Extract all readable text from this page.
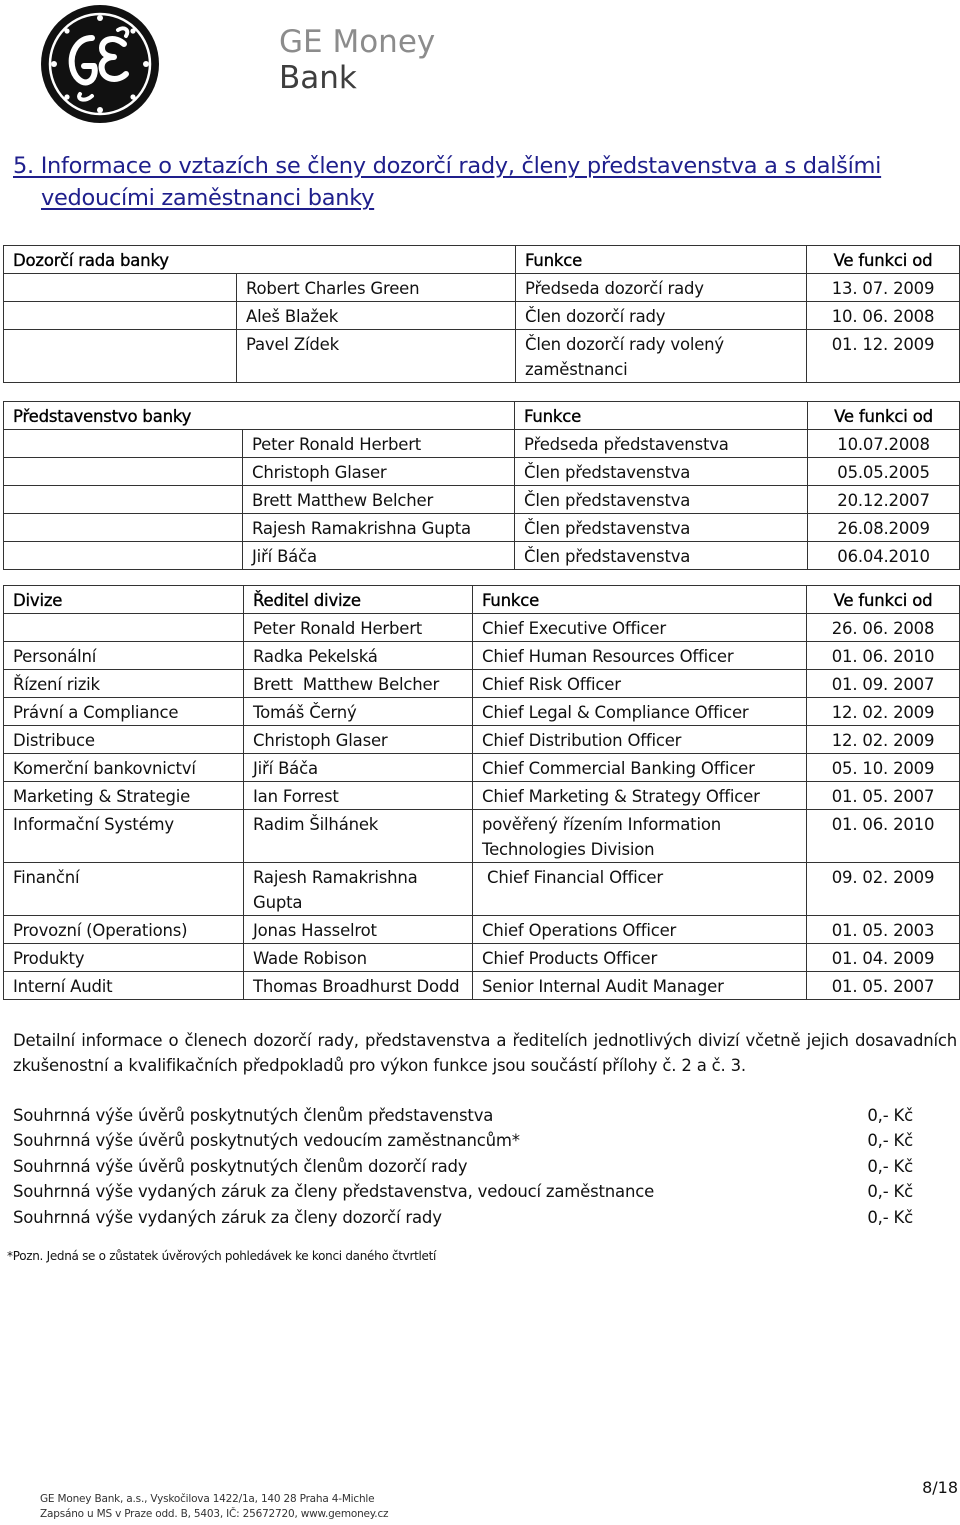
GE Money
Bank
5. Informace o vztazích se členy dozorčí rady, členy představenstva a s dalšími
vedoucími zaměstnanci banky
Dozorčí rada banky		Funkce	Ve funkci od
	Robert Charles Green	Předseda dozorčí rady	13. 07. 2009
	Aleš Blažek	Člen dozorčí rady	10. 06. 2008
	Pavel Zídek	Člen dozorčí rady volený zaměstnanci	01. 12. 2009
Představenstvo banky		Funkce	Ve funkci od
	Peter Ronald Herbert	Předseda představenstva	10.07.2008
	Christoph Glaser	Člen představenstva	05.05.2005
	Brett Matthew Belcher	Člen představenstva	20.12.2007
	Rajesh Ramakrishna Gupta	Člen představenstva	26.08.2009
	Jiří Báča	Člen představenstva	06.04.2010
Divize	Ředitel divize	Funkce	Ve funkci od
	Peter Ronald Herbert	Chief Executive Officer	26. 06. 2008
Personální	Radka Pekelská	Chief Human Resources Officer	01. 06. 2010
Řízení rizik	Brett  Matthew Belcher	Chief Risk Officer	01. 09. 2007
Právní a Compliance	Tomáš Černý	Chief Legal & Compliance Officer	12. 02. 2009
Distribuce	Christoph Glaser	Chief Distribution Officer	12. 02. 2009
Komerční bankovnictví	Jiří Báča	Chief Commercial Banking Officer	05. 10. 2009
Marketing & Strategie	Ian Forrest	Chief Marketing & Strategy Officer	01. 05. 2007
Informační Systémy	Radim Šilhánek	pověřený řízením Information Technologies Division	01. 06. 2010
Finanční	Rajesh Ramakrishna Gupta	Chief Financial Officer	09. 02. 2009
Provozní (Operations)	Jonas Hasselrot	Chief Operations Officer	01. 05. 2003
Produkty	Wade Robison	Chief Products Officer	01. 04. 2009
Interní Audit	Thomas Broadhurst Dodd	Senior Internal Audit Manager	01. 05. 2007
Detailní informace o členech dozorčí rady, představenstva a ředitelích jednotlivých divizí včetně jejich dosavadních zkušenostní a kvalifikačních předpokladů pro výkon funkce jsou součástí přílohy č. 2 a č. 3.
Souhrnná výše úvěrů poskytnutých členům představenstva	0,- Kč
Souhrnná výše úvěrů poskytnutých vedoucím zaměstnancům*	0,- Kč
Souhrnná výše úvěrů poskytnutých členům dozorčí rady	0,- Kč
Souhrnná výše vydaných záruk za členy představenstva, vedoucí zaměstnance	0,- Kč
Souhrnná výše vydaných záruk za členy dozorčí rady	0,- Kč
*Pozn. Jedná se o zůstatek úvěrových pohledávek ke konci daného čtvrtletí
GE Money Bank, a.s., Vyskočilova 1422/1a, 140 28 Praha 4-Michle
Zapsáno u MS v Praze odd. B, 5403, IČ: 25672720, www.gemoney.cz
8/18
